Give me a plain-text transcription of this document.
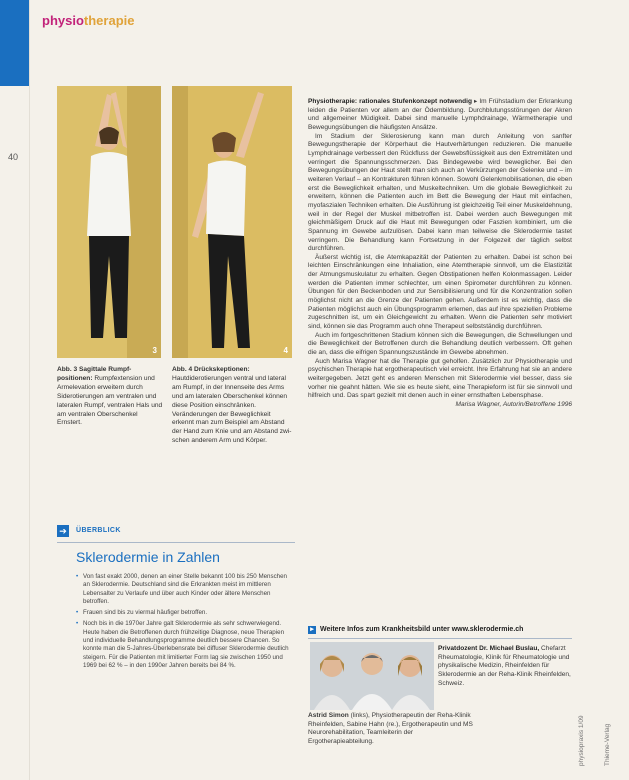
physiotherapie
40
3	4
Abb. 3 Sagittale Rumpfpositionen: Rumpfextension und Armelevation erweitern durch Siderotierungen am ventralen und lateralen Rumpf, ventralen Hals und am ventralen Oberschenkel Ernstert.
Abb. 4 Drückskeptionen: Hautdiderotierungen ventral und lateral am Rumpf, in der Innenseite des Arms und am lateralen Oberschenkel können diese Position einschränken. Veränderungen der Beweglichkeit erkennt man zum Beispiel am Abstand der Hand zum Knie und am Abstand zwischen anderem Arm und Körper.
➔	ÜBERBLICK
Sklerodermie in Zahlen
• Von fast exakt 2000, denen an einer Stelle bekannt 100 bis 250 Menschen an Sklerodermie. Deutschland sind die Erkrankten meist im mittleren Lebensalter zu Verlaufe und über auch Kinder oder ältere Menschen betroffen.
• Frauen sind bis zu viermal häufiger betroffen.
• Noch bis in die 1970er Jahre galt Sklerodermie als sehr schwerwiegend. Heute haben die Betroffenen durch frühzeitige Diagnose, neue Therapien und individuelle Behandlungsprogramme deutlich bessere Chancen. So konnte man die 5-Jahres-Überlebensrate bei diffuser Sklerodermie deutlich steigern. Für die Patienten mit limitierter Form lag sie zwischen 1950 und 1969 bei 62 % – in den 1990er Jahren bereits bei 84 %.

Physiotherapie: rationales Stufenkonzept notwendig ▸ Im Frühstadium der Erkrankung leiden die Patienten vor allem an der Ödembildung. Durchblutungsstörungen der Akren und allgemeiner Müdigkeit. Dabei sind manuelle Lymphdrainage, Wärmetherapie und Bewegungsübungen die häufigsten Ansätze.

Im Stadium der Sklerosierung kann man durch Anleitung von sanfter Bewegungstherapie der Körperhaut die Hautverhärtungen reduzieren. Die manuelle Lymphdrainage verbessert den Rückfluss der Gewebsflüssigkeit aus den Extremitäten und verringert die Spannungsschmerzen. Das Bindegewebe wird beweglicher. Bei den Bewegungsübungen der Haut stellt man sich auch an Verkürzungen der Gelenke und – im weiteren Verlauf – an Kontrakturen führen können. Sowohl Gelenkmobilisationen, die eben erst die Beweglichkeit erhalten, und Muskeltechniken. Um die globale Beweglichkeit zu erweitern, können die Patienten auch im Bett die Bewegung der Haut mit einfachen, myofaszialen Techniken erhalten. Die Ausführung ist gleichzeitig Teil einer Muskeldehnung, weil in der Regel der Muskel mitbetroffen ist. Dabei werden auch Bewegungen mit gleichmäßigem Druck auf die Haut mit Bewegungen oder Faszien kombiniert, um die Spannung im Gewebe aufzulösen. Dabei kann man teilweise die Sklerodermie tastet verringern. Die Behandlung kann Fortsetzung in der Folgezeit der täglich selbst durchführen.

Äußerst wichtig ist, die Atemkapazität der Patienten zu erhalten. Dabei ist schon bei leichten Einschränkungen eine Inhaliation, eine Atemtherapie sinnvoll, um die Elastizität der Atmungsmuskulatur zu erhalten. Gegen Obstipationen helfen Kolonmassagen. Leider werden die Patienten immer schlechter, um einen Spirometer durchführen zu können. Übungen für den Beckenboden und zur Sensibilisierung und für die Konzentration sollen möglichst nicht an die Grenze der Patienten gehen. Außerdem ist es wichtig, dass die Patienten möglichst auch ein Übungsprogramm erlernen, das auf ihre speziellen Probleme zugeschnitten ist, um ein Gleichgewicht zu erhalten. Wenn die Patienten sehr motiviert sind, können sie das Programm auch ohne Therapeut selbstständig durchführen.

Auch im fortgeschrittenen Stadium können sich die Bewegungen, die Schwellungen und die Beweglichkeit der Betroffenen durch die Behandlung deutlich verbessern. Oft gehen die an, dass die eifrigen Spannungszustände im Gewebe abnehmen.

Auch Marisa Wagner hat die Therapie gut geholfen. Zusätzlich zur Physiotherapie und psychischen Therapie hat ergotherapeutisch viel erreicht. Ihre Erfahrung hat sie an andere weitergegeben. Jetzt geht es anderen Menschen mit Sklerodermie viel besser, dass sie vorher nie geahnt hätten. Wie sie es heute sieht, eine Therapieform ist für sie sinnvoll und hilfreich und. Das spart gezielt mit denen auch in einer ernsthaften Lebensphase.

Marisa Wagner, Autorin/Betroffene 1996

▸ Weitere Infos zum Krankheitsbild unter www.sklerodermie.ch
Privatdozent Dr. Michael Buslau, Chefarzt Rheumatologie, Klinik für Rheumatologie und physikalische Medizin, Rheinfelden für Sklerodermie an der Reha-Klinik Rheinfelden, Schweiz.
Astrid Simon (links), Physiotherapeutin der Reha-Klinik Rheinfelden, Sabine Hahn (re.), Ergotherapeutin und MS Neurorehabilitation, Teamleiterin der Ergotherapieabteilung.	physiopraxis 1/09	Thieme-Verlag
